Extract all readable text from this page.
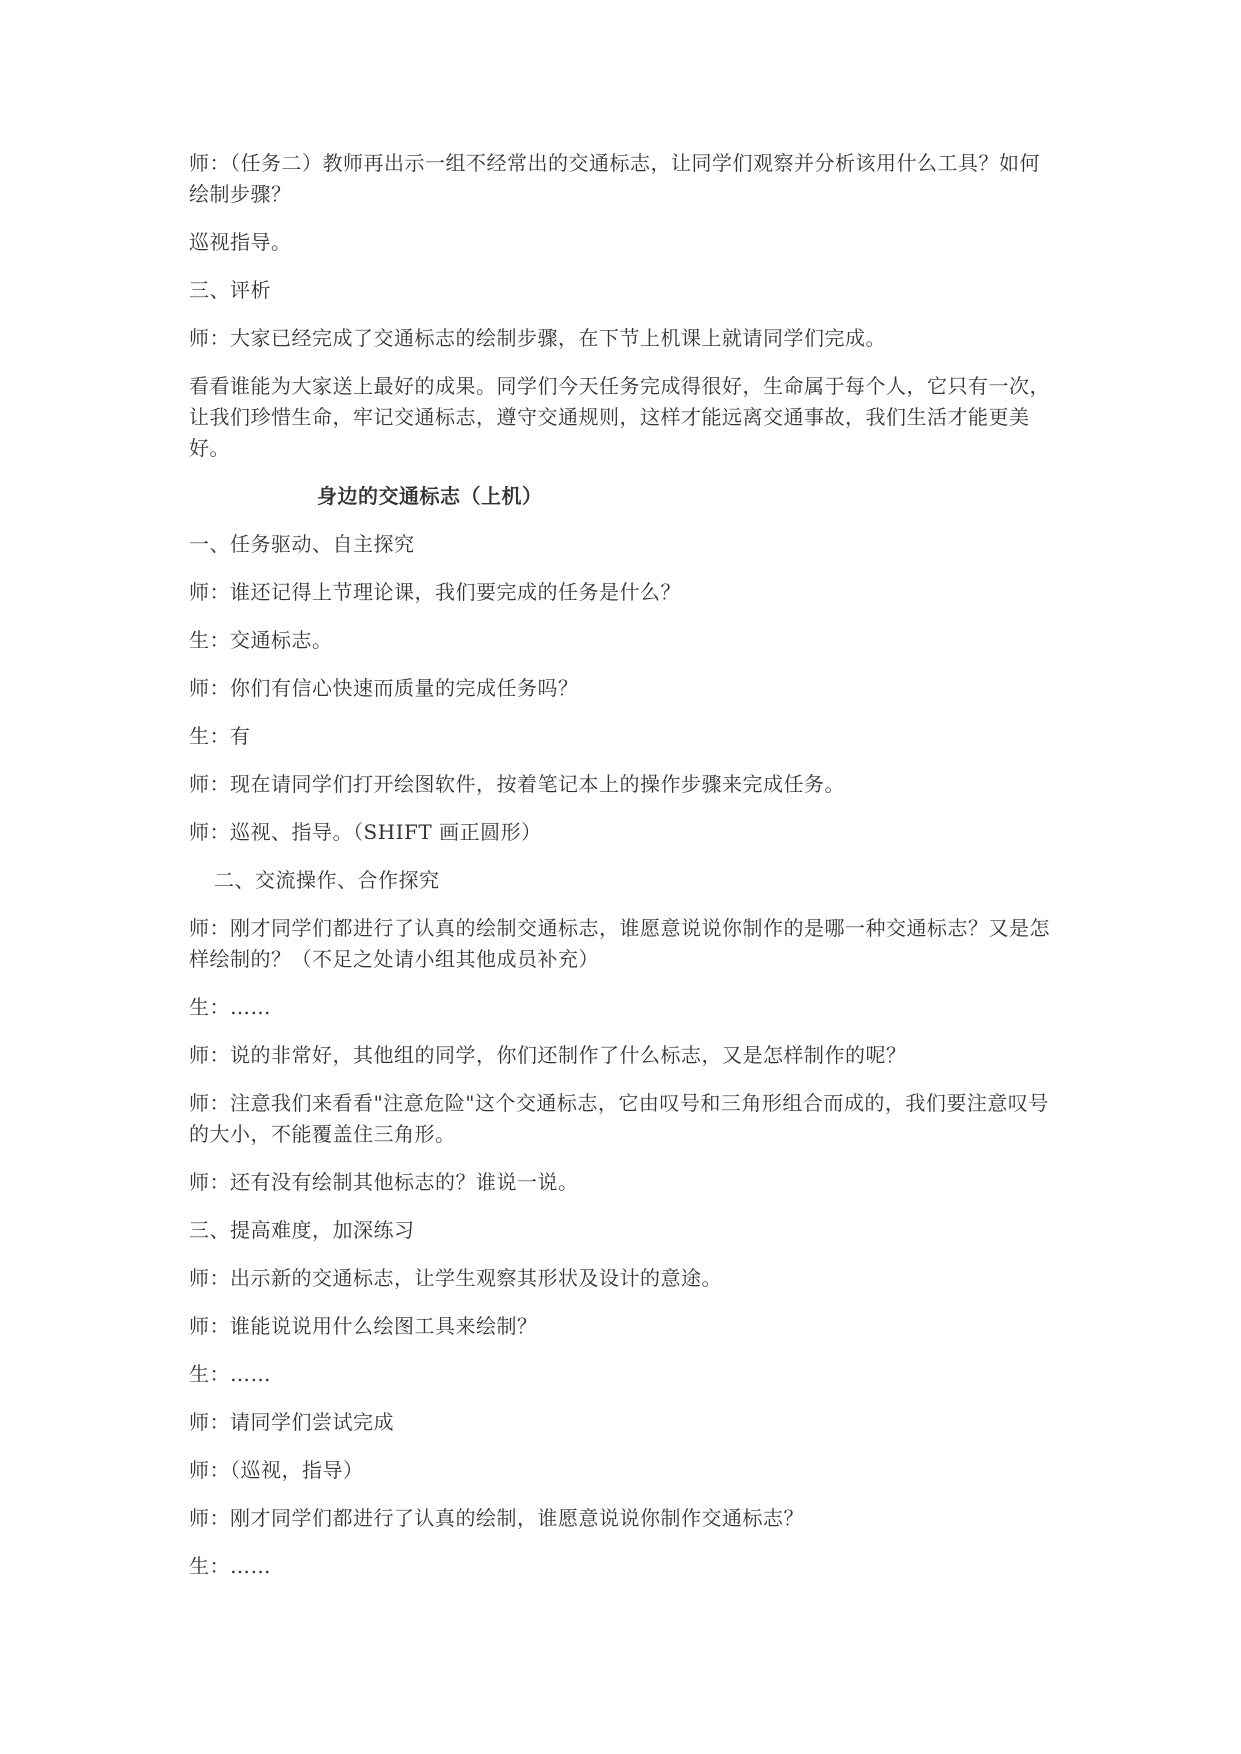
师：（任务二）教师再出示一组不经常出的交通标志，让同学们观察并分析该用什么工具？如何绘制步骤？

巡视指导。

三、评析

师：大家已经完成了交通标志的绘制步骤，在下节上机课上就请同学们完成。

看看谁能为大家送上最好的成果。同学们今天任务完成得很好，生命属于每个人，它只有一次，让我们珍惜生命，牢记交通标志，遵守交通规则，这样才能远离交通事故，我们生活才能更美好。

身边的交通标志（上机）

一、任务驱动、自主探究

师：谁还记得上节理论课，我们要完成的任务是什么？

生：交通标志。

师：你们有信心快速而质量的完成任务吗？

生：有

师：现在请同学们打开绘图软件，按着笔记本上的操作步骤来完成任务。

师：巡视、指导。（SHIFT 画正圆形）

二、交流操作、合作探究

师：刚才同学们都进行了认真的绘制交通标志，谁愿意说说你制作的是哪一种交通标志？又是怎样绘制的？（不足之处请小组其他成员补充）

生：……

师：说的非常好，其他组的同学，你们还制作了什么标志，又是怎样制作的呢？

师：注意我们来看看"注意危险"这个交通标志，它由叹号和三角形组合而成的，我们要注意叹号的大小，不能覆盖住三角形。

师：还有没有绘制其他标志的？谁说一说。

三、提高难度，加深练习

师：出示新的交通标志，让学生观察其形状及设计的意途。

师：谁能说说用什么绘图工具来绘制？

生：……

师：请同学们尝试完成

师：（巡视，指导）

师：刚才同学们都进行了认真的绘制，谁愿意说说你制作交通标志？

生：……
